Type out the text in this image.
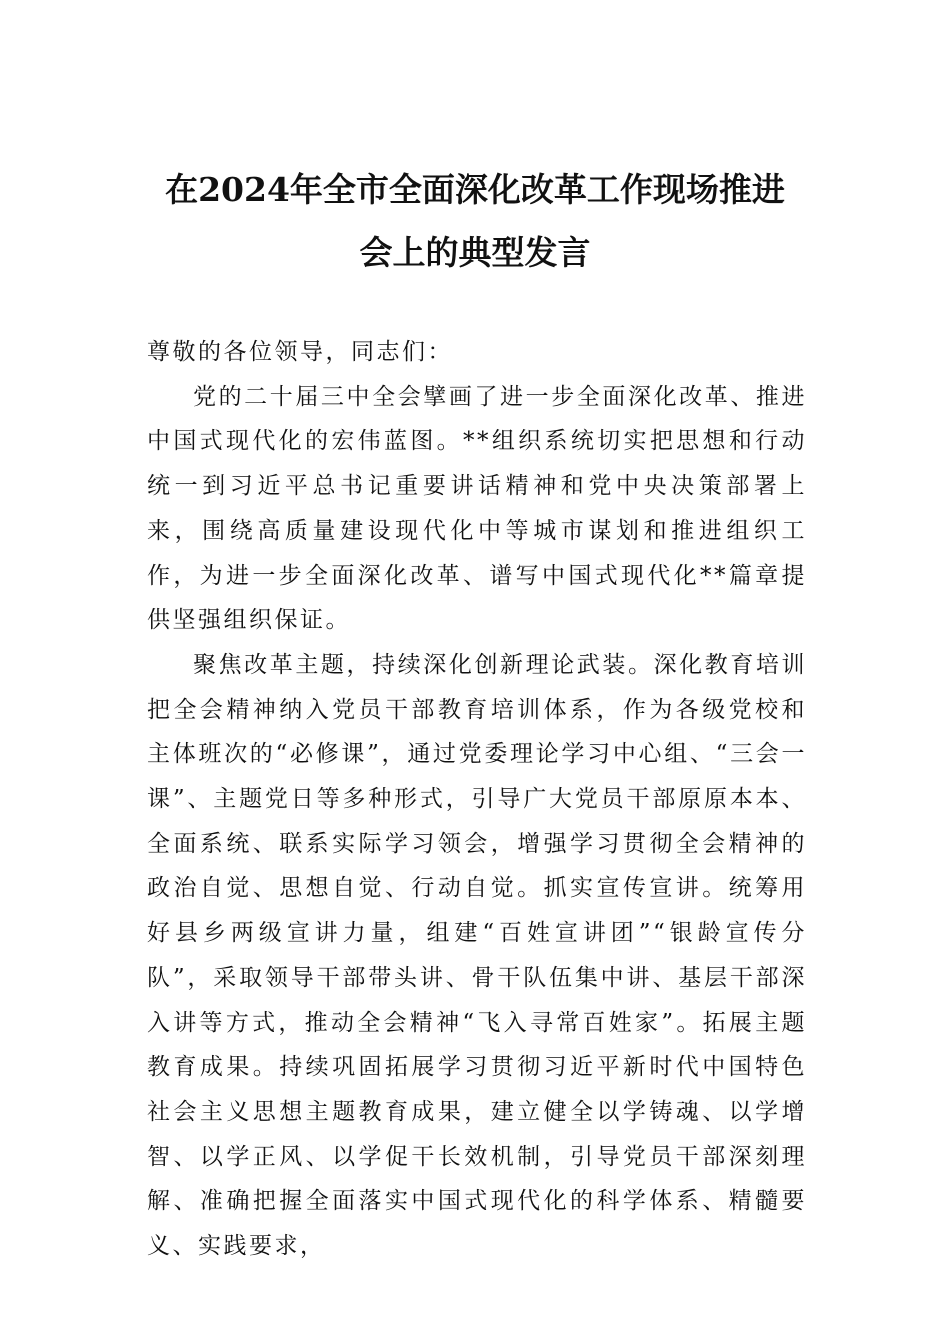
在2024年全市全面深化改革工作现场推进
会上的典型发言

尊敬的各位领导，同志们：

党的二十届三中全会擘画了进一步全面深化改革、推进中国式现代化的宏伟蓝图。**组织系统切实把思想和行动统一到习近平总书记重要讲话精神和党中央决策部署上来，围绕高质量建设现代化中等城市谋划和推进组织工作，为进一步全面深化改革、谱写中国式现代化**篇章提供坚强组织保证。

聚焦改革主题，持续深化创新理论武装。深化教育培训把全会精神纳入党员干部教育培训体系，作为各级党校和主体班次的“必修课”，通过党委理论学习中心组、“三会一课”、主题党日等多种形式，引导广大党员干部原原本本、全面系统、联系实际学习领会，增强学习贯彻全会精神的政治自觉、思想自觉、行动自觉。抓实宣传宣讲。统筹用好县乡两级宣讲力量，组建“百姓宣讲团”“银龄宣传分队”，采取领导干部带头讲、骨干队伍集中讲、基层干部深入讲等方式，推动全会精神“飞入寻常百姓家”。拓展主题教育成果。持续巩固拓展学习贯彻习近平新时代中国特色社会主义思想主题教育成果，建立健全以学铸魂、以学增智、以学正风、以学促干长效机制，引导党员干部深刻理解、准确把握全面落实中国式现代化的科学体系、精髓要义、实践要求，
